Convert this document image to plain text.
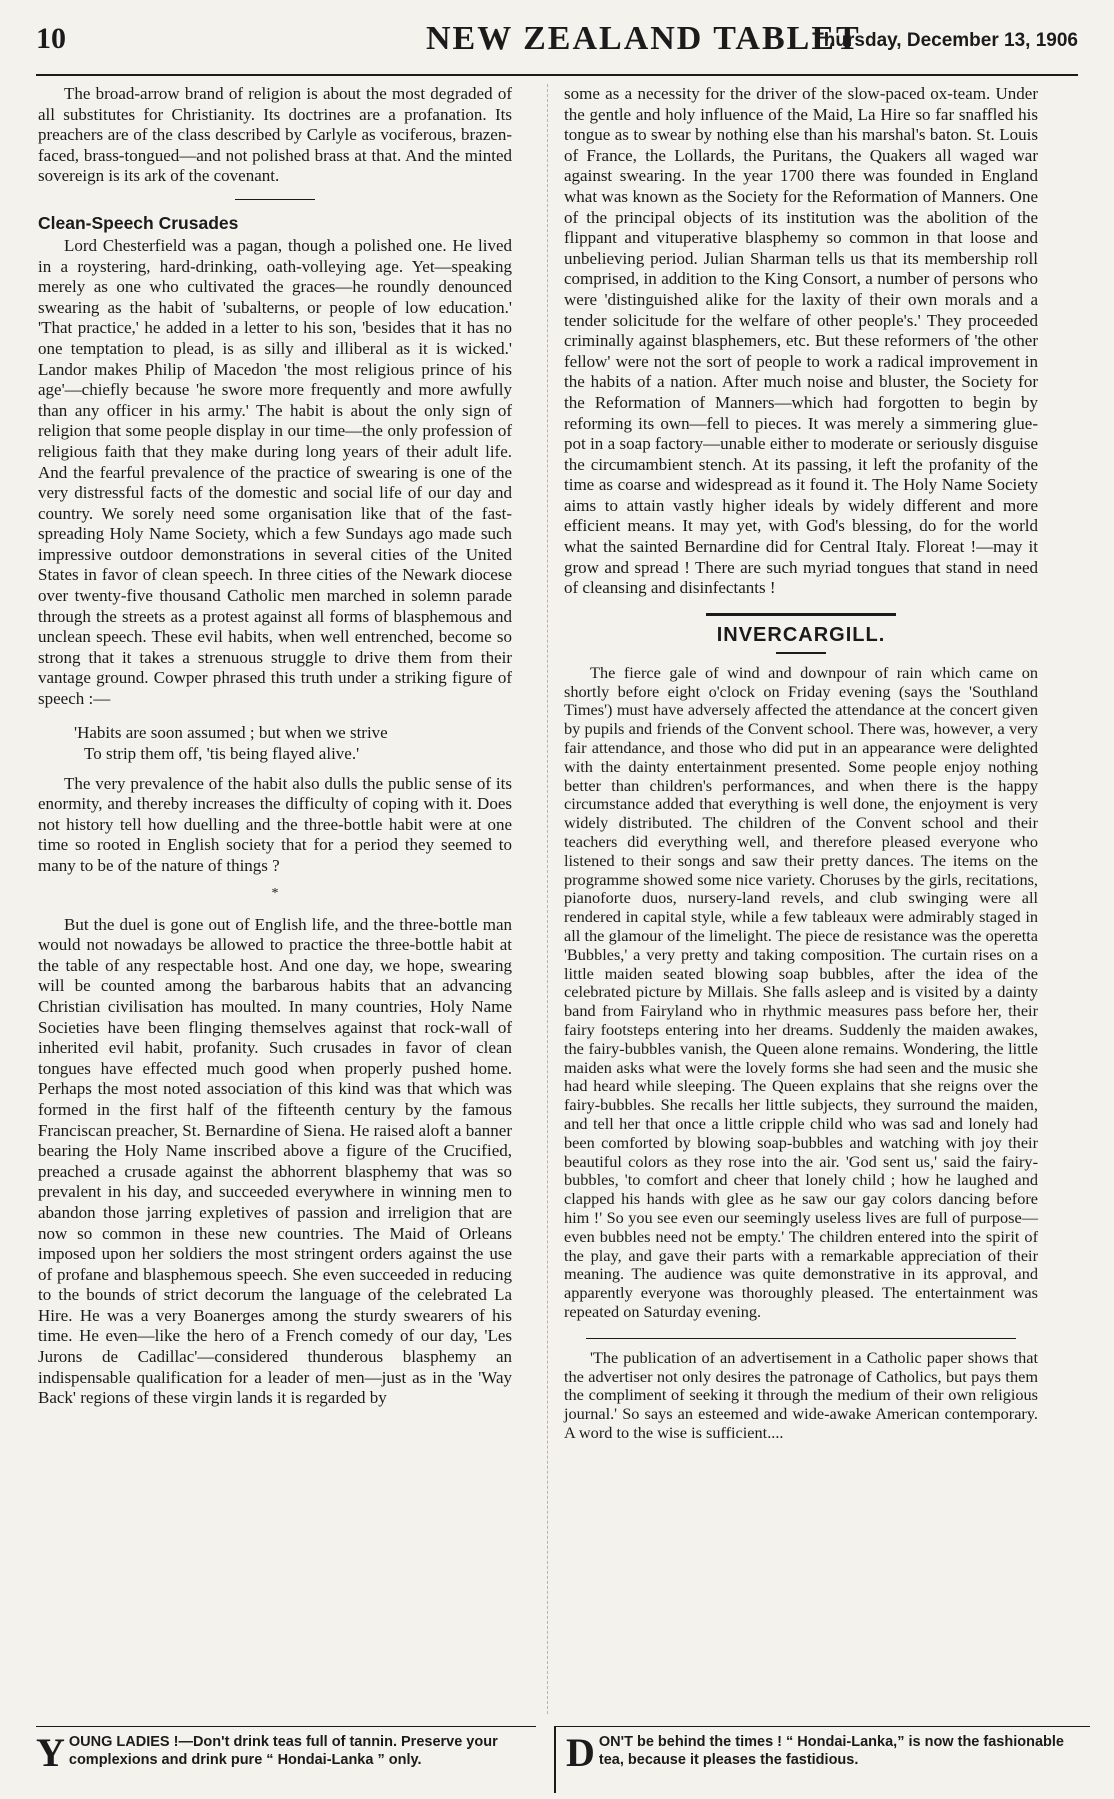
10	NEW ZEALAND TABLET
Thursday, December 13, 1906

The broad-arrow brand of religion is about the most degraded of all substitutes for Christianity. Its doctrines are a profanation. Its preachers are of the class described by Carlyle as vociferous, brazen-faced, brass-tongued—and not polished brass at that. And the minted sovereign is its ark of the covenant.

Clean-Speech Crusades

Lord Chesterfield was a pagan, though a polished one. He lived in a roystering, hard-drinking, oath-volleying age. Yet—speaking merely as one who cultivated the graces—he roundly denounced swearing as the habit of 'subalterns, or people of low education.' 'That practice,' he added in a letter to his son, 'besides that it has no one temptation to plead, is as silly and illiberal as it is wicked.' Landor makes Philip of Macedon 'the most religious prince of his age'—chiefly because 'he swore more frequently and more awfully than any officer in his army.' The habit is about the only sign of religion that some people display in our time—the only profession of religious faith that they make during long years of their adult life. And the fearful prevalence of the practice of swearing is one of the very distressful facts of the domestic and social life of our day and country. We sorely need some organisation like that of the fast-spreading Holy Name Society, which a few Sundays ago made such impressive outdoor demonstrations in several cities of the United States in favor of clean speech. In three cities of the Newark diocese over twenty-five thousand Catholic men marched in solemn parade through the streets as a protest against all forms of blasphemous and unclean speech. These evil habits, when well entrenched, become so strong that it takes a strenuous struggle to drive them from their vantage ground. Cowper phrased this truth under a striking figure of speech :—

'Habits are soon assumed ; but when we strive
To strip them off, 'tis being flayed alive.'

The very prevalence of the habit also dulls the public sense of its enormity, and thereby increases the difficulty of coping with it. Does not history tell how duelling and the three-bottle habit were at one time so rooted in English society that for a period they seemed to many to be of the nature of things ?

*

But the duel is gone out of English life, and the three-bottle man would not nowadays be allowed to practice the three-bottle habit at the table of any respectable host. And one day, we hope, swearing will be counted among the barbarous habits that an advancing Christian civilisation has moulted. In many countries, Holy Name Societies have been flinging themselves against that rock-wall of inherited evil habit, profanity. Such crusades in favor of clean tongues have effected much good when properly pushed home. Perhaps the most noted association of this kind was that which was formed in the first half of the fifteenth century by the famous Franciscan preacher, St. Bernardine of Siena. He raised aloft a banner bearing the Holy Name inscribed above a figure of the Crucified, preached a crusade against the abhorrent blasphemy that was so prevalent in his day, and succeeded everywhere in winning men to abandon those jarring expletives of passion and irreligion that are now so common in these new countries. The Maid of Orleans imposed upon her soldiers the most stringent orders against the use of profane and blasphemous speech. She even succeeded in reducing to the bounds of strict decorum the language of the celebrated La Hire. He was a very Boanerges among the sturdy swearers of his time. He even—like the hero of a French comedy of our day, 'Les Jurons de Cadillac'—considered thunderous blasphemy an indispensable qualification for a leader of men—just as in the 'Way Back' regions of these virgin lands it is regarded by

some as a necessity for the driver of the slow-paced ox-team. Under the gentle and holy influence of the Maid, La Hire so far snaffled his tongue as to swear by nothing else than his marshal's baton. St. Louis of France, the Lollards, the Puritans, the Quakers all waged war against swearing. In the year 1700 there was founded in England what was known as the Society for the Reformation of Manners. One of the principal objects of its institution was the abolition of the flippant and vituperative blasphemy so common in that loose and unbelieving period. Julian Sharman tells us that its membership roll comprised, in addition to the King Consort, a number of persons who were 'distinguished alike for the laxity of their own morals and a tender solicitude for the welfare of other people's.' They proceeded criminally against blasphemers, etc. But these reformers of 'the other fellow' were not the sort of people to work a radical improvement in the habits of a nation. After much noise and bluster, the Society for the Reformation of Manners—which had forgotten to begin by reforming its own—fell to pieces. It was merely a simmering glue-pot in a soap factory—unable either to moderate or seriously disguise the circumambient stench. At its passing, it left the profanity of the time as coarse and widespread as it found it. The Holy Name Society aims to attain vastly higher ideals by widely different and more efficient means. It may yet, with God's blessing, do for the world what the sainted Bernardine did for Central Italy. Floreat !—may it grow and spread ! There are such myriad tongues that stand in need of cleansing and disinfectants !

INVERCARGILL.

The fierce gale of wind and downpour of rain which came on shortly before eight o'clock on Friday evening (says the 'Southland Times') must have adversely affected the attendance at the concert given by pupils and friends of the Convent school. There was, however, a very fair attendance, and those who did put in an appearance were delighted with the dainty entertainment presented. Some people enjoy nothing better than children's performances, and when there is the happy circumstance added that everything is well done, the enjoyment is very widely distributed. The children of the Convent school and their teachers did everything well, and therefore pleased everyone who listened to their songs and saw their pretty dances. The items on the programme showed some nice variety. Choruses by the girls, recitations, pianoforte duos, nursery-land revels, and club swinging were all rendered in capital style, while a few tableaux were admirably staged in all the glamour of the limelight. The piece de resistance was the operetta 'Bubbles,' a very pretty and taking composition. The curtain rises on a little maiden seated blowing soap bubbles, after the idea of the celebrated picture by Millais. She falls asleep and is visited by a dainty band from Fairyland who in rhythmic measures pass before her, their fairy footsteps entering into her dreams. Suddenly the maiden awakes, the fairy-bubbles vanish, the Queen alone remains. Wondering, the little maiden asks what were the lovely forms she had seen and the music she had heard while sleeping. The Queen explains that she reigns over the fairy-bubbles. She recalls her little subjects, they surround the maiden, and tell her that once a little cripple child who was sad and lonely had been comforted by blowing soap-bubbles and watching with joy their beautiful colors as they rose into the air. 'God sent us,' said the fairy-bubbles, 'to comfort and cheer that lonely child ; how he laughed and clapped his hands with glee as he saw our gay colors dancing before him !' So you see even our seemingly useless lives are full of purpose—even bubbles need not be empty.' The children entered into the spirit of the play, and gave their parts with a remarkable appreciation of their meaning. The audience was quite demonstrative in its approval, and apparently everyone was thoroughly pleased. The entertainment was repeated on Saturday evening.

'The publication of an advertisement in a Catholic paper shows that the advertiser not only desires the patronage of Catholics, but pays them the compliment of seeking it through the medium of their own religious journal.' So says an esteemed and wide-awake American contemporary. A word to the wise is sufficient....

Y OUNG LADIES !—Don't drink teas full of tannin. Preserve your complexions and drink pure “ Hondai-Lanka ” only.	D ON'T be behind the times ! “ Hondai-Lanka,” is now the fashionable tea, because it pleases the fastidious.
